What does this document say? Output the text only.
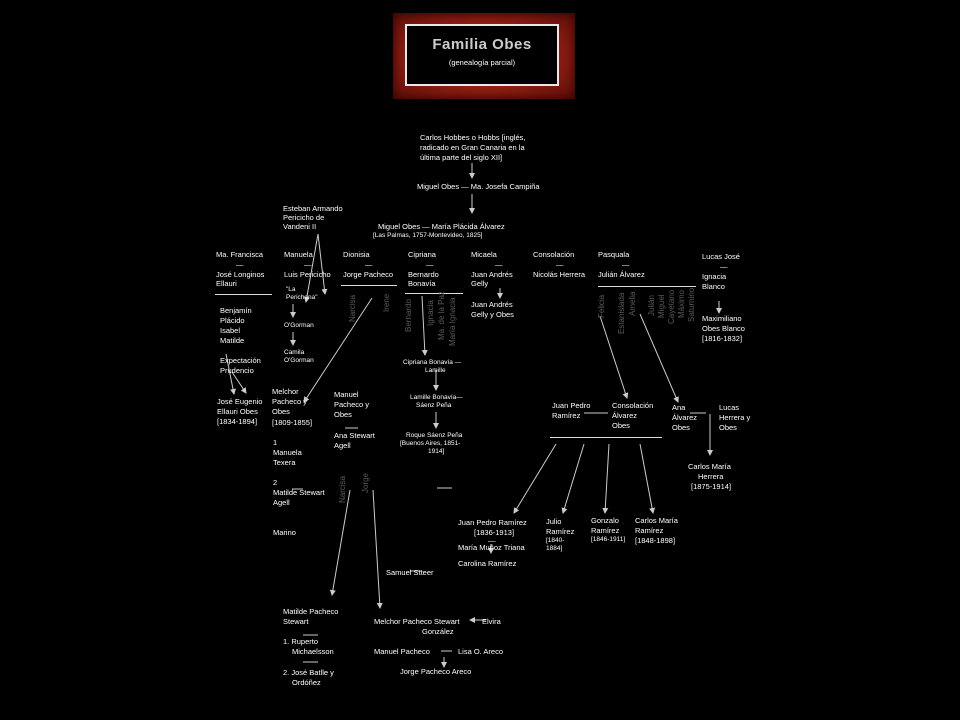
Familia Obes
(genealogía parcial)
Carlos Hobbes o Hobbs [inglés,
radicado en Gran Canaria en la
última parte del siglo XII]
Miguel Obes — Ma. Josefa Campiña
Miguel Obes — María Plácida Álvarez
[Las Palmas, 1757-Montevideo, 1825]
Esteban Armando
Pericicho de
Vandeni II
Ma. Francisca
—
José Longinos
Ellauri
Manuela
—
Luis Pericicho
Dionisia
—
Jorge Pacheco
Cipriana
—
Bernardo
Bonavía
Micaela
—
Juan Andrés
Gelly
Consolación
—
Nicolás Herrera
Pasquala
—
Julián Álvarez
Lucas José
—
Ignacia
Blanco
Benjamín
Plácido
Isabel
Matilde
Expectación
Prudencio
José Eugenio
Ellauri Obes
[1834-1894]
"La
Perichona"
O'Gorman
Camila
O'Gorman
Melchor
Pacheco y
Obes
[1809-1855]
Manuel
Pacheco y
Obes
Ana Stewart
Agell
1
Manuela
Texera
2
Matilde Stewart
Agell
Marino
Narcisa	Irene
Narcisa Jorge
Samuel Stteer
Matilde Pacheco
Stewart
1. Ruperto
Michaelsson
2. José Batlle y
Ordóñez
Melchor Pacheco Stewart	Elvira
González
Manuel Pacheco	Lisa O. Areco
Jorge Pacheco Areco
Bernardo Ignacia Ma. de la Paz María Ignacia
Cipriana Bonavía —
Lamille
Lamille Bonavía—
Sáenz Peña
Roque Sáenz Peña
[Buenos Aires, 1851-
1914]
Juan Andrés
Gelly y Obes	Felicia Estanislada Amelia Julián Miguel Cayetano Máximo Saturnino
Juan Pedro
Ramírez
Consolación
Álvarez
Obes
Ana
Álvarez
Obes
Lucas
Herrera y
Obes
Carlos María
Herrera
[1875-1914]
Juan Pedro Ramírez
[1836-1913]
—
María Muñoz Triana
Julio
Ramírez
[1840-
1884]
Gonzalo
Ramírez
[1846-1911]
Carlos María
Ramírez
[1848-1898]
Carolina Ramírez
Maximiliano
Obes Blanco
[1816-1832]
